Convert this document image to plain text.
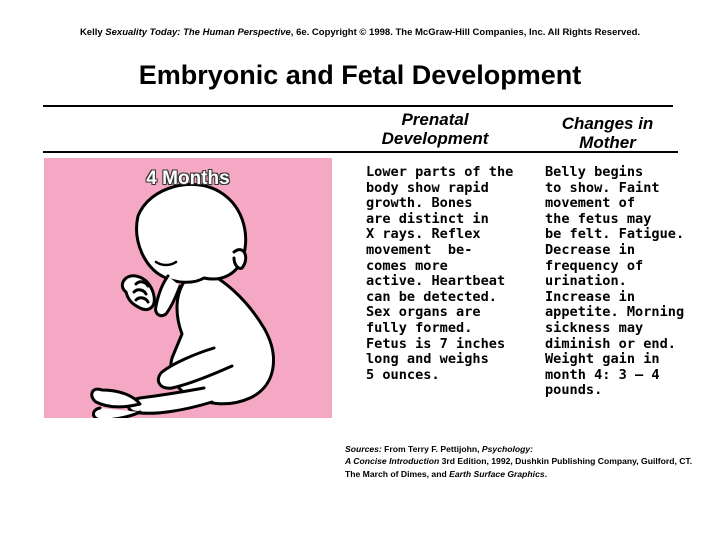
Kelly Sexuality Today: The Human Perspective, 6e. Copyright © 1998. The McGraw-Hill Companies, Inc. All Rights Reserved.
Embryonic and Fetal Development
Prenatal
Development
Changes in
Mother
4 Months	Lower parts of the
body show rapid
growth. Bones
are distinct in
X rays. Reflex
movement  be-
comes more
active. Heartbeat
can be detected.
Sex organs are
fully formed.
Fetus is 7 inches
long and weighs
5 ounces.
Belly begins
to show. Faint
movement of
the fetus may
be felt. Fatigue.
Decrease in
frequency of
urination.
Increase in
appetite. Morning
sickness may
diminish or end.
Weight gain in
month 4: 3 – 4
pounds.
Sources: From Terry F. Pettijohn, Psychology:
A Concise Introduction 3rd Edition, 1992, Dushkin Publishing Company, Guilford, CT. The March of Dimes, and Earth Surface Graphics.
